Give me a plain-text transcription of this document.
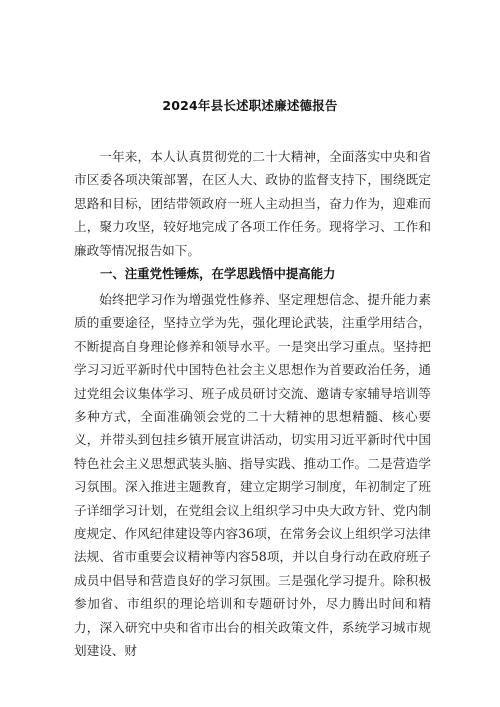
2024年县长述职述廉述德报告

一年来，本人认真贯彻党的二十大精神，全面落实中央和省市区委各项决策部署，在区人大、政协的监督支持下，围绕既定思路和目标，团结带领政府一班人主动担当，奋力作为，迎难而上，聚力攻坚，较好地完成了各项工作任务。现将学习、工作和廉政等情况报告如下。

一、注重党性锤炼，在学思践悟中提高能力

始终把学习作为增强党性修养、坚定理想信念、提升能力素质的重要途径，坚持立学为先，强化理论武装，注重学用结合，不断提高自身理论修养和领导水平。一是突出学习重点。坚持把学习习近平新时代中国特色社会主义思想作为首要政治任务，通过党组会议集体学习、班子成员研讨交流、邀请专家辅导培训等多种方式，全面准确领会党的二十大精神的思想精髓、核心要义，并带头到包挂乡镇开展宣讲活动，切实用习近平新时代中国特色社会主义思想武装头脑、指导实践、推动工作。二是营造学习氛围。深入推进主题教育，建立定期学习制度，年初制定了班子详细学习计划，在党组会议上组织学习中央大政方针、党内制度规定、作风纪律建设等内容36项，在常务会议上组织学习法律法规、省市重要会议精神等内容58项，并以自身行动在政府班子成员中倡导和营造良好的学习氛围。三是强化学习提升。除积极参加省、市组织的理论培训和专题研讨外，尽力腾出时间和精力，深入研究中央和省市出台的相关政策文件，系统学习城市规划建设、财
